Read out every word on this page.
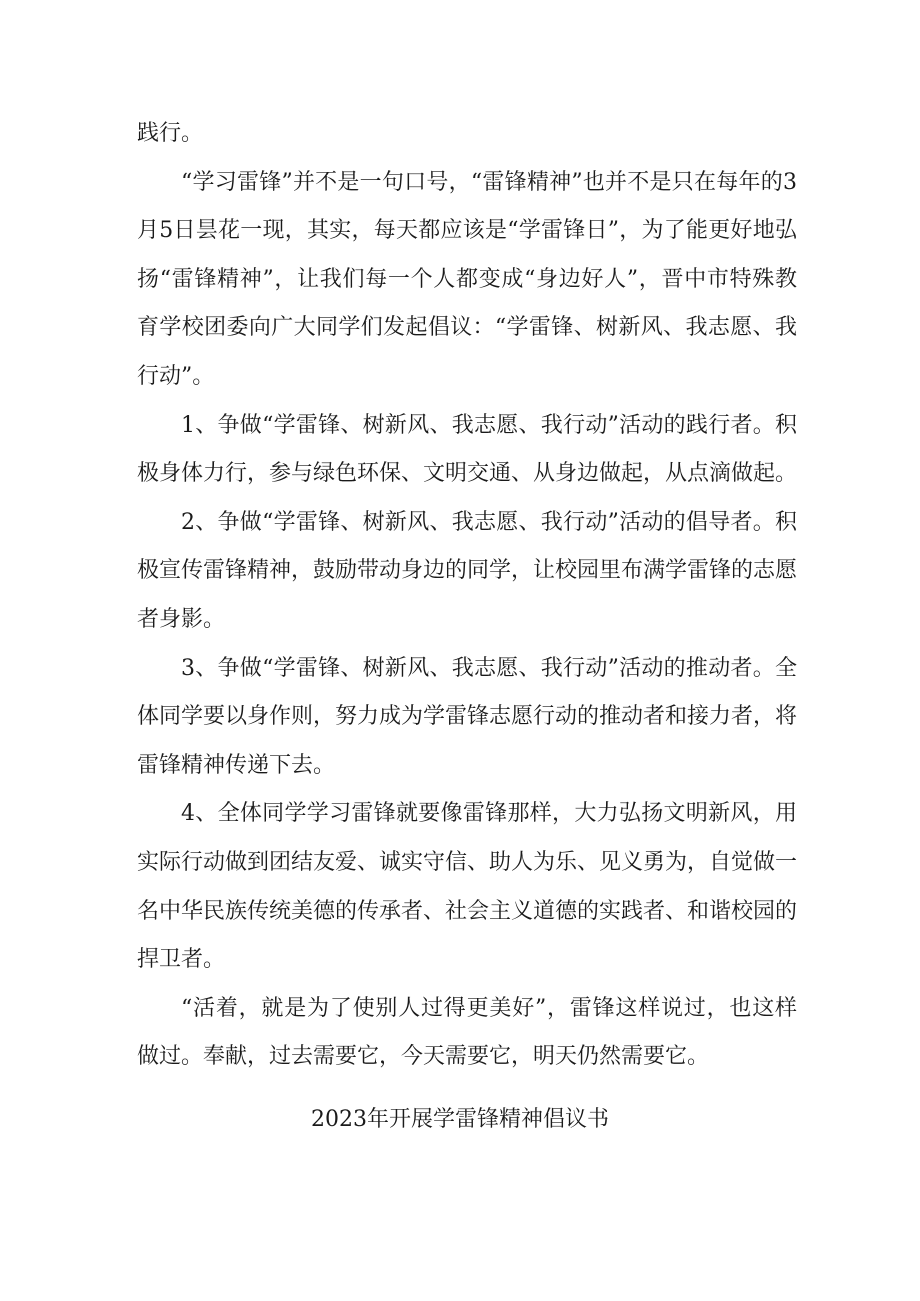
践行。

“学习雷锋”并不是一句口号，“雷锋精神”也并不是只在每年的3月5日昙花一现，其实，每天都应该是“学雷锋日”，为了能更好地弘扬“雷锋精神”，让我们每一个人都变成“身边好人”，晋中市特殊教育学校团委向广大同学们发起倡议：“学雷锋、树新风、我志愿、我行动”。

1、争做“学雷锋、树新风、我志愿、我行动”活动的践行者。积极身体力行，参与绿色环保、文明交通、从身边做起，从点滴做起。

2、争做“学雷锋、树新风、我志愿、我行动”活动的倡导者。积极宣传雷锋精神，鼓励带动身边的同学，让校园里布满学雷锋的志愿者身影。

3、争做“学雷锋、树新风、我志愿、我行动”活动的推动者。全体同学要以身作则，努力成为学雷锋志愿行动的推动者和接力者，将雷锋精神传递下去。

4、全体同学学习雷锋就要像雷锋那样，大力弘扬文明新风，用实际行动做到团结友爱、诚实守信、助人为乐、见义勇为，自觉做一名中华民族传统美德的传承者、社会主义道德的实践者、和谐校园的捍卫者。

“活着，就是为了使别人过得更美好”，雷锋这样说过，也这样做过。奉献，过去需要它，今天需要它，明天仍然需要它。

2023年开展学雷锋精神倡议书
